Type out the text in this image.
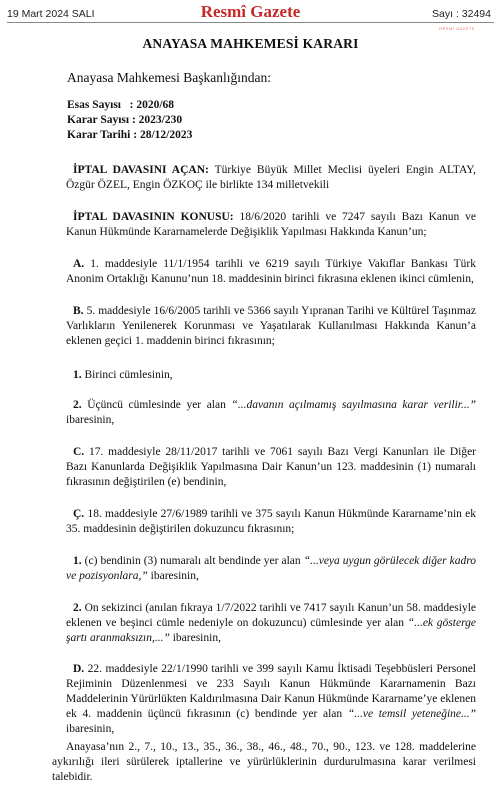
19 Mart 2024 SALI	Resmî Gazete	Sayı : 32494
RESMİ GAZETE
ANAYASA MAHKEMESİ KARARI
Anayasa Mahkemesi Başkanlığından:
Esas Sayısı   : 2020/68
Karar Sayısı : 2023/230
Karar Tarihi : 28/12/2023
İPTAL DAVASINI AÇAN: Türkiye Büyük Millet Meclisi üyeleri Engin ALTAY, Özgür ÖZEL, Engin ÖZKOÇ ile birlikte 134 milletvekili
İPTAL DAVASININ KONUSU: 18/6/2020 tarihli ve 7247 sayılı Bazı Kanun ve Kanun Hükmünde Kararnamelerde Değişiklik Yapılması Hakkında Kanun’un;
A. 1. maddesiyle 11/1/1954 tarihli ve 6219 sayılı Türkiye Vakıflar Bankası Türk Anonim Ortaklığı Kanunu’nun 18. maddesinin birinci fıkrasına eklenen ikinci cümlenin,
B. 5. maddesiyle 16/6/2005 tarihli ve 5366 sayılı Yıpranan Tarihi ve Kültürel Taşınmaz Varlıkların Yenilenerek Korunması ve Yaşatılarak Kullanılması Hakkında Kanun’a eklenen geçici 1. maddenin birinci fıkrasının;
1. Birinci cümlesinin,
2. Üçüncü cümlesinde yer alan “...davanın açılmamış sayılmasına karar verilir...” ibaresinin,
C. 17. maddesiyle 28/11/2017 tarihli ve 7061 sayılı Bazı Vergi Kanunları ile Diğer Bazı Kanunlarda Değişiklik Yapılmasına Dair Kanun’un 123. maddesinin (1) numaralı fıkrasının değiştirilen (e) bendinin,
Ç. 18. maddesiyle 27/6/1989 tarihli ve 375 sayılı Kanun Hükmünde Kararname’nin ek 35. maddesinin değiştirilen dokuzuncu fıkrasının;
1. (c) bendinin (3) numaralı alt bendinde yer alan “...veya uygun görülecek diğer kadro ve pozisyonlara,” ibaresinin,
2. On sekizinci (anılan fıkraya 1/7/2022 tarihli ve 7417 sayılı Kanun’un 58. maddesiyle eklenen ve beşinci cümle nedeniyle on dokuzuncu) cümlesinde yer alan “...ek gösterge şartı aranmaksızın,...” ibaresinin,
D. 22. maddesiyle 22/1/1990 tarihli ve 399 sayılı Kamu İktisadi Teşebbüsleri Personel Rejiminin Düzenlenmesi ve 233 Sayılı Kanun Hükmünde Kararnamenin Bazı Maddelerinin Yürürlükten Kaldırılmasına Dair Kanun Hükmünde Kararname’ye eklenen ek 4. maddenin üçüncü fıkrasının (c) bendinde yer alan “...ve temsil yeteneğine...” ibaresinin,
Anayasa’nın 2., 7., 10., 13., 35., 36., 38., 46., 48., 70., 90., 123. ve 128. maddelerine aykırılığı ileri sürülerek iptallerine ve yürürlüklerinin durdurulmasına karar verilmesi talebidir.
